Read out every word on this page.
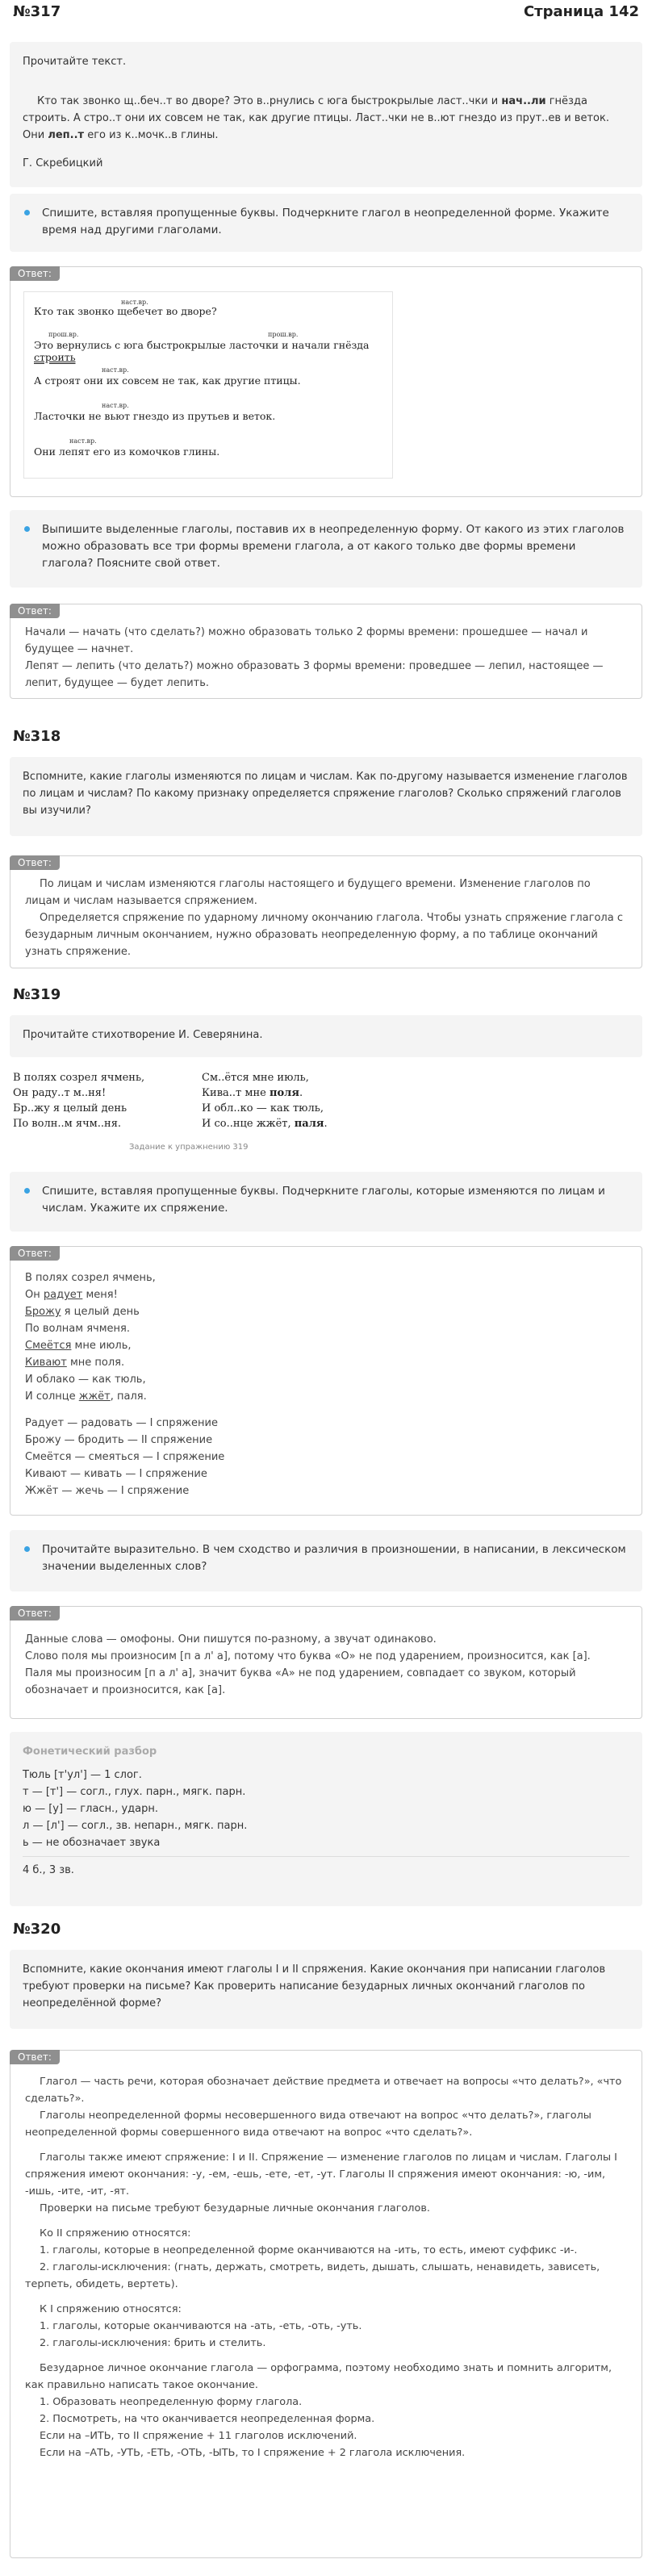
№317	Страница 142

Прочитайте текст.

Кто так звонко щ..беч..т во дворе? Это в..рнулись с юга быстрокрылые ласт..чки и нач..ли гнёзда строить. А стро..т они их совсем не так, как другие птицы. Ласт..чки не в..ют гнездо из прут..ев и веток. Они леп..т его из к..мочк..в глины.

Г. Скребицкий

Спишите, вставляя пропущенные буквы. Подчеркните глагол в неопределенной форме. Укажите время над другими глаголами.
Ответ:
наст.вр.
Кто так звонко щебечет во дворе?
прош.вр.	прош.вр.
Это вернулись с юга быстрокрылые ласточки и начали гнёзда строить
наст.вр.
А строят они их совсем не так, как другие птицы.
наст.вр.
Ласточки не вьют гнездо из прутьев и веток.
наст.вр.
Они лепят его из комочков глины.
Выпишите выделенные глаголы, поставив их в неопределенную форму. От какого из этих глаголов можно образовать все три формы времени глагола, а от какого только две формы времени глагола? Поясните свой ответ.
Ответ:

Начали — начать (что сделать?) можно образовать только 2 формы времени: прошедшее — начал и будущее — начнет.

Лепят — лепить (что делать?) можно образовать 3 формы времени: проведшее — лепил, настоящее — лепит, будущее — будет лепить.

№318

Вспомните, какие глаголы изменяются по лицам и числам. Как по-другому называется изменение глаголов по лицам и числам? По какому признаку определяется спряжение глаголов? Сколько спряжений глаголов вы изучили?

Ответ:

По лицам и числам изменяются глаголы настоящего и будущего времени. Изменение глаголов по лицам и числам называется спряжением.

Определяется спряжение по ударному личному окончанию глагола. Чтобы узнать спряжение глагола с безударным личным окончанием, нужно образовать неопределенную форму, а по таблице окончаний узнать спряжение.

№319

Прочитайте стихотворение И. Северянина.

В полях созрел ячмень,
Он раду..т м..ня!
Бр..жу я целый день
По волн..м ячм..ня.
См..ётся мне июль,
Кива..т мне поля.
И обл..ко — как тюль,
И со..нце жжёт, паля.
Задание к упражнению 319
Спишите, вставляя пропущенные буквы. Подчеркните глаголы, которые изменяются по лицам и числам. Укажите их спряжение.
Ответ:
В полях созрел ячмень,
Он радует меня!
Брожу я целый день
По волнам ячменя.
Смеётся мне июль,
Кивают мне поля.
И облако — как тюль,
И солнце жжёт, паля.
Радует — радовать — I спряжение
Брожу — бродить — II спряжение
Смеётся — смеяться — I спряжение
Кивают — кивать — I спряжение
Жжёт — жечь — I спряжение
Прочитайте выразительно. В чем сходство и различия в произношении, в написании, в лексическом значении выделенных слов?
Ответ:
Данные слова — омофоны. Они пишутся по-разному, а звучат одинаково.
Слово поля мы произносим [п а л' а], потому что буква «О» не под ударением, произносится, как [а].
Паля мы произносим [п а л' а], значит буква «А» не под ударением, совпадает со звуком, который обозначает и произносится, как [а].
Фонетический разбор
Тюль [т'ул'] — 1 слог.
т — [т'] — согл., глух. парн., мягк. парн.
ю — [у] — гласн., ударн.
л — [л'] — согл., зв. непарн., мягк. парн.
ь — не обозначает звука
4 б., 3 зв.
№320

Вспомните, какие окончания имеют глаголы I и II спряжения. Какие окончания при написании глаголов требуют проверки на письме? Как проверить написание безударных личных окончаний глаголов по неопределённой форме?

Ответ:
Глагол — часть речи, которая обозначает действие предмета и отвечает на вопросы «что делать?», «что сделать?».
Глаголы неопределенной формы несовершенного вида отвечают на вопрос «что делать?», глаголы неопределенной формы совершенного вида отвечают на вопрос «что сделать?».
Глаголы также имеют спряжение: I и II. Спряжение — изменение глаголов по лицам и числам. Глаголы I спряжения имеют окончания: -у, -ем, -ешь, -ете, -ет, -ут. Глаголы II спряжения имеют окончания: -ю, -им, -ишь, -ите, -ит, -ят.
Проверки на письме требуют безударные личные окончания глаголов.
Ко II спряжению относятся:
1. глаголы, которые в неопределенной форме оканчиваются на -ить, то есть, имеют суффикс -и-.
2. глаголы-исключения: (гнать, держать, смотреть, видеть, дышать, слышать, ненавидеть, зависеть, терпеть, обидеть, вертеть).
К I спряжению относятся:
1. глаголы, которые оканчиваются на -ать, -еть, -оть, -уть.
2. глаголы-исключения: брить и стелить.
Безударное личное окончание глагола — орфограмма, поэтому необходимо знать и помнить алгоритм, как правильно написать такое окончание.
1. Образовать неопределенную форму глагола.
2. Посмотреть, на что оканчивается неопределенная форма.
Если на –ИТЬ, то II спряжение + 11 глаголов исключений.
Если на –АТЬ, -УТЬ, -ЕТЬ, -ОТЬ, -ЫТЬ, то I спряжение + 2 глагола исключения.
